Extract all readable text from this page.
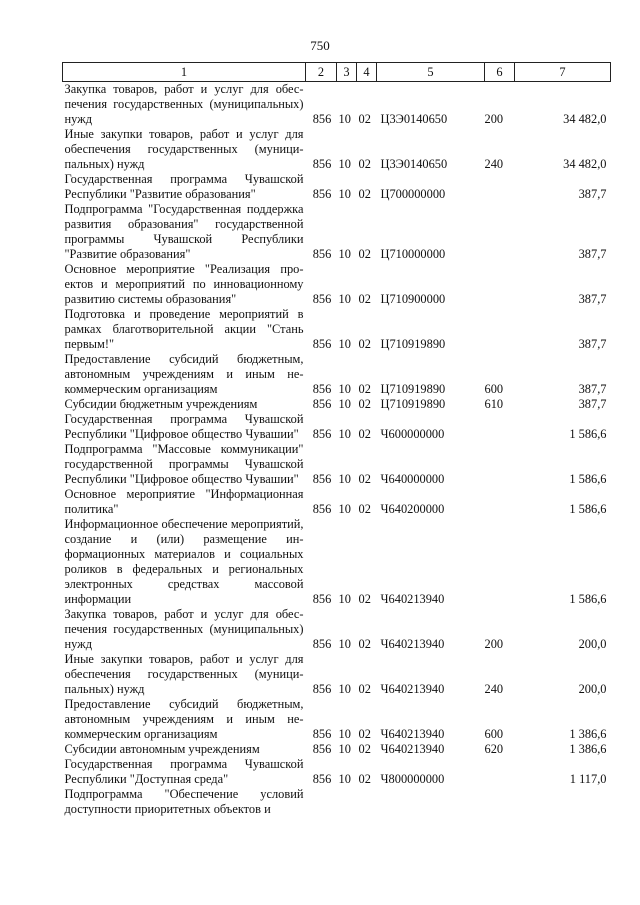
750
1	2	3	4	5	6	7
Закупка товаров, работ и услуг для обеспечения государственных (муниципальных) нужд	856	10	02	Ц3Э0140650	200	34 482,0
Иные закупки товаров, работ и услуг для обеспечения государственных (муниципальных) нужд	856	10	02	Ц3Э0140650	240	34 482,0
Государственная программа Чувашской Республики "Развитие образования"	856	10	02	Ц700000000		387,7
Подпрограмма "Государственная поддержка развития образования" государственной программы Чувашской Республики "Развитие образования"	856	10	02	Ц710000000		387,7
Основное мероприятие "Реализация проектов и мероприятий по инновационному развитию системы образования"	856	10	02	Ц710900000		387,7
Подготовка и проведение мероприятий в рамках благотворительной акции "Стань первым!"	856	10	02	Ц710919890		387,7
Предоставление субсидий бюджетным, автономным учреждениям и иным некоммерческим организациям	856	10	02	Ц710919890	600	387,7
Субсидии бюджетным учреждениям	856	10	02	Ц710919890	610	387,7
Государственная программа Чувашской Республики "Цифровое общество Чувашии"	856	10	02	Ч600000000		1 586,6
Подпрограмма "Массовые коммуникации" государственной программы Чувашской Республики "Цифровое общество Чувашии"	856	10	02	Ч640000000		1 586,6
Основное мероприятие "Информационная политика"	856	10	02	Ч640200000		1 586,6
Информационное обеспечение мероприятий, создание и (или) размещение информационных материалов и социальных роликов в федеральных и региональных электронных средствах массовой информации	856	10	02	Ч640213940		1 586,6
Закупка товаров, работ и услуг для обеспечения государственных (муниципальных) нужд	856	10	02	Ч640213940	200	200,0
Иные закупки товаров, работ и услуг для обеспечения государственных (муниципальных) нужд	856	10	02	Ч640213940	240	200,0
Предоставление субсидий бюджетным, автономным учреждениям и иным некоммерческим организациям	856	10	02	Ч640213940	600	1 386,6
Субсидии автономным учреждениям	856	10	02	Ч640213940	620	1 386,6
Государственная программа Чувашской Республики "Доступная среда"	856	10	02	Ч800000000		1 117,0
Подпрограмма "Обеспечение условий доступности приоритетных объектов и						
